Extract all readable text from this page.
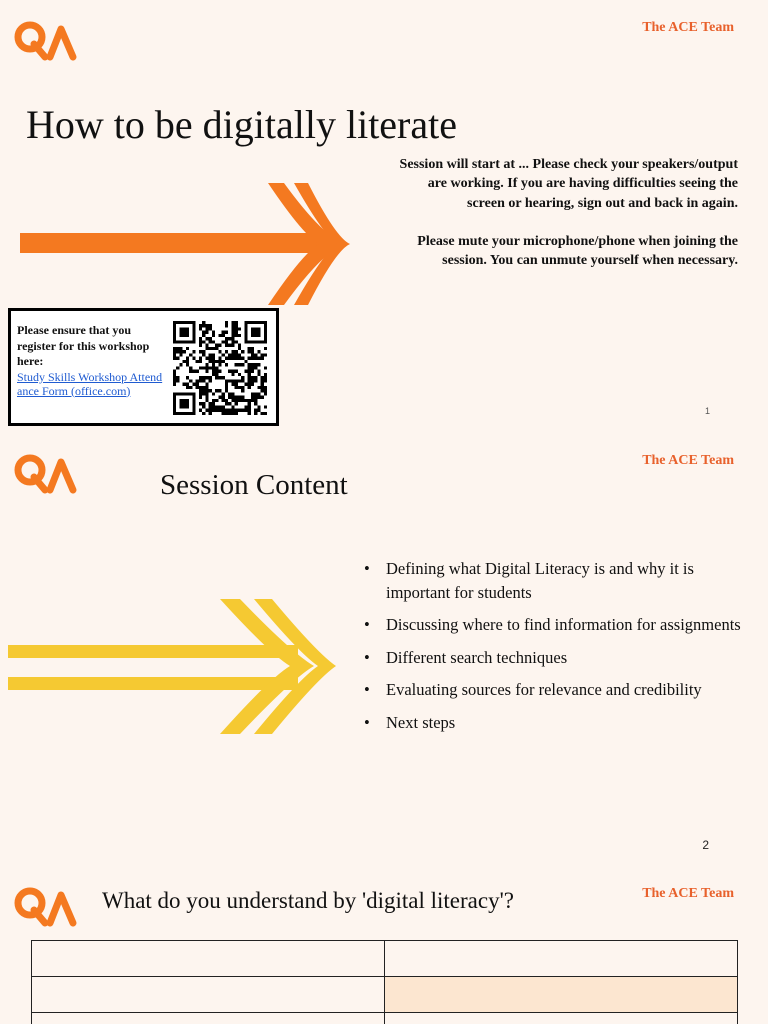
The ACE Team
How to be digitally literate

Session will start at ... Please check your speakers/output are working. If you are having difficulties seeing the screen or hearing, sign out and back in again.

Please mute your microphone/phone when joining the session. You can unmute yourself when necessary.

Please ensure that you register for this workshop here:
Study Skills Workshop Attendance Form (office.com)
1
The ACE Team
Session Content
• Defining what Digital Literacy is and why it is important for students
• Discussing where to find information for assignments
• Different search techniques
• Evaluating sources for relevance and credibility
• Next steps
2
The ACE Team
What do you understand by 'digital literacy'?
